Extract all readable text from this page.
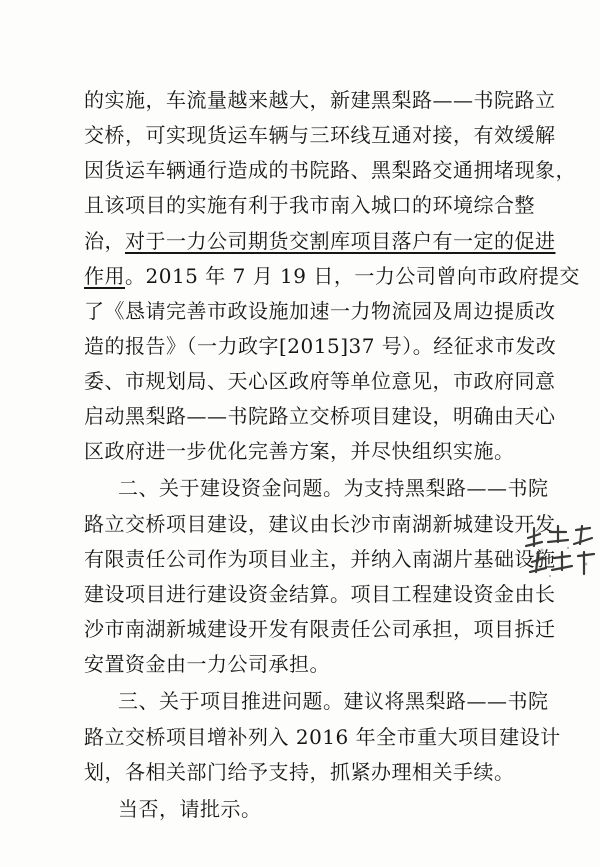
的实施，车流量越来越大，新建黑梨路——书院路立
交桥，可实现货运车辆与三环线互通对接，有效缓解
因货运车辆通行造成的书院路、黑梨路交通拥堵现象，
且该项目的实施有利于我市南入城口的环境综合整
治，对于一力公司期货交割库项目落户有一定的促进
作用。2015 年 7 月 19 日，一力公司曾向市政府提交
了《恳请完善市政设施加速一力物流园及周边提质改
造的报告》（一力政字[2015]37 号）。经征求市发改
委、市规划局、天心区政府等单位意见，市政府同意
启动黑梨路——书院路立交桥项目建设，明确由天心
区政府进一步优化完善方案，并尽快组织实施。
二、关于建设资金问题。为支持黑梨路——书院
路立交桥项目建设，建议由长沙市南湖新城建设开发
有限责任公司作为项目业主，并纳入南湖片基础设施
建设项目进行建设资金结算。项目工程建设资金由长
沙市南湖新城建设开发有限责任公司承担，项目拆迁
安置资金由一力公司承担。
三、关于项目推进问题。建议将黑梨路——书院
路立交桥项目增补列入 2016 年全市重大项目建设计
划，各相关部门给予支持，抓紧办理相关手续。
当否，请批示。
